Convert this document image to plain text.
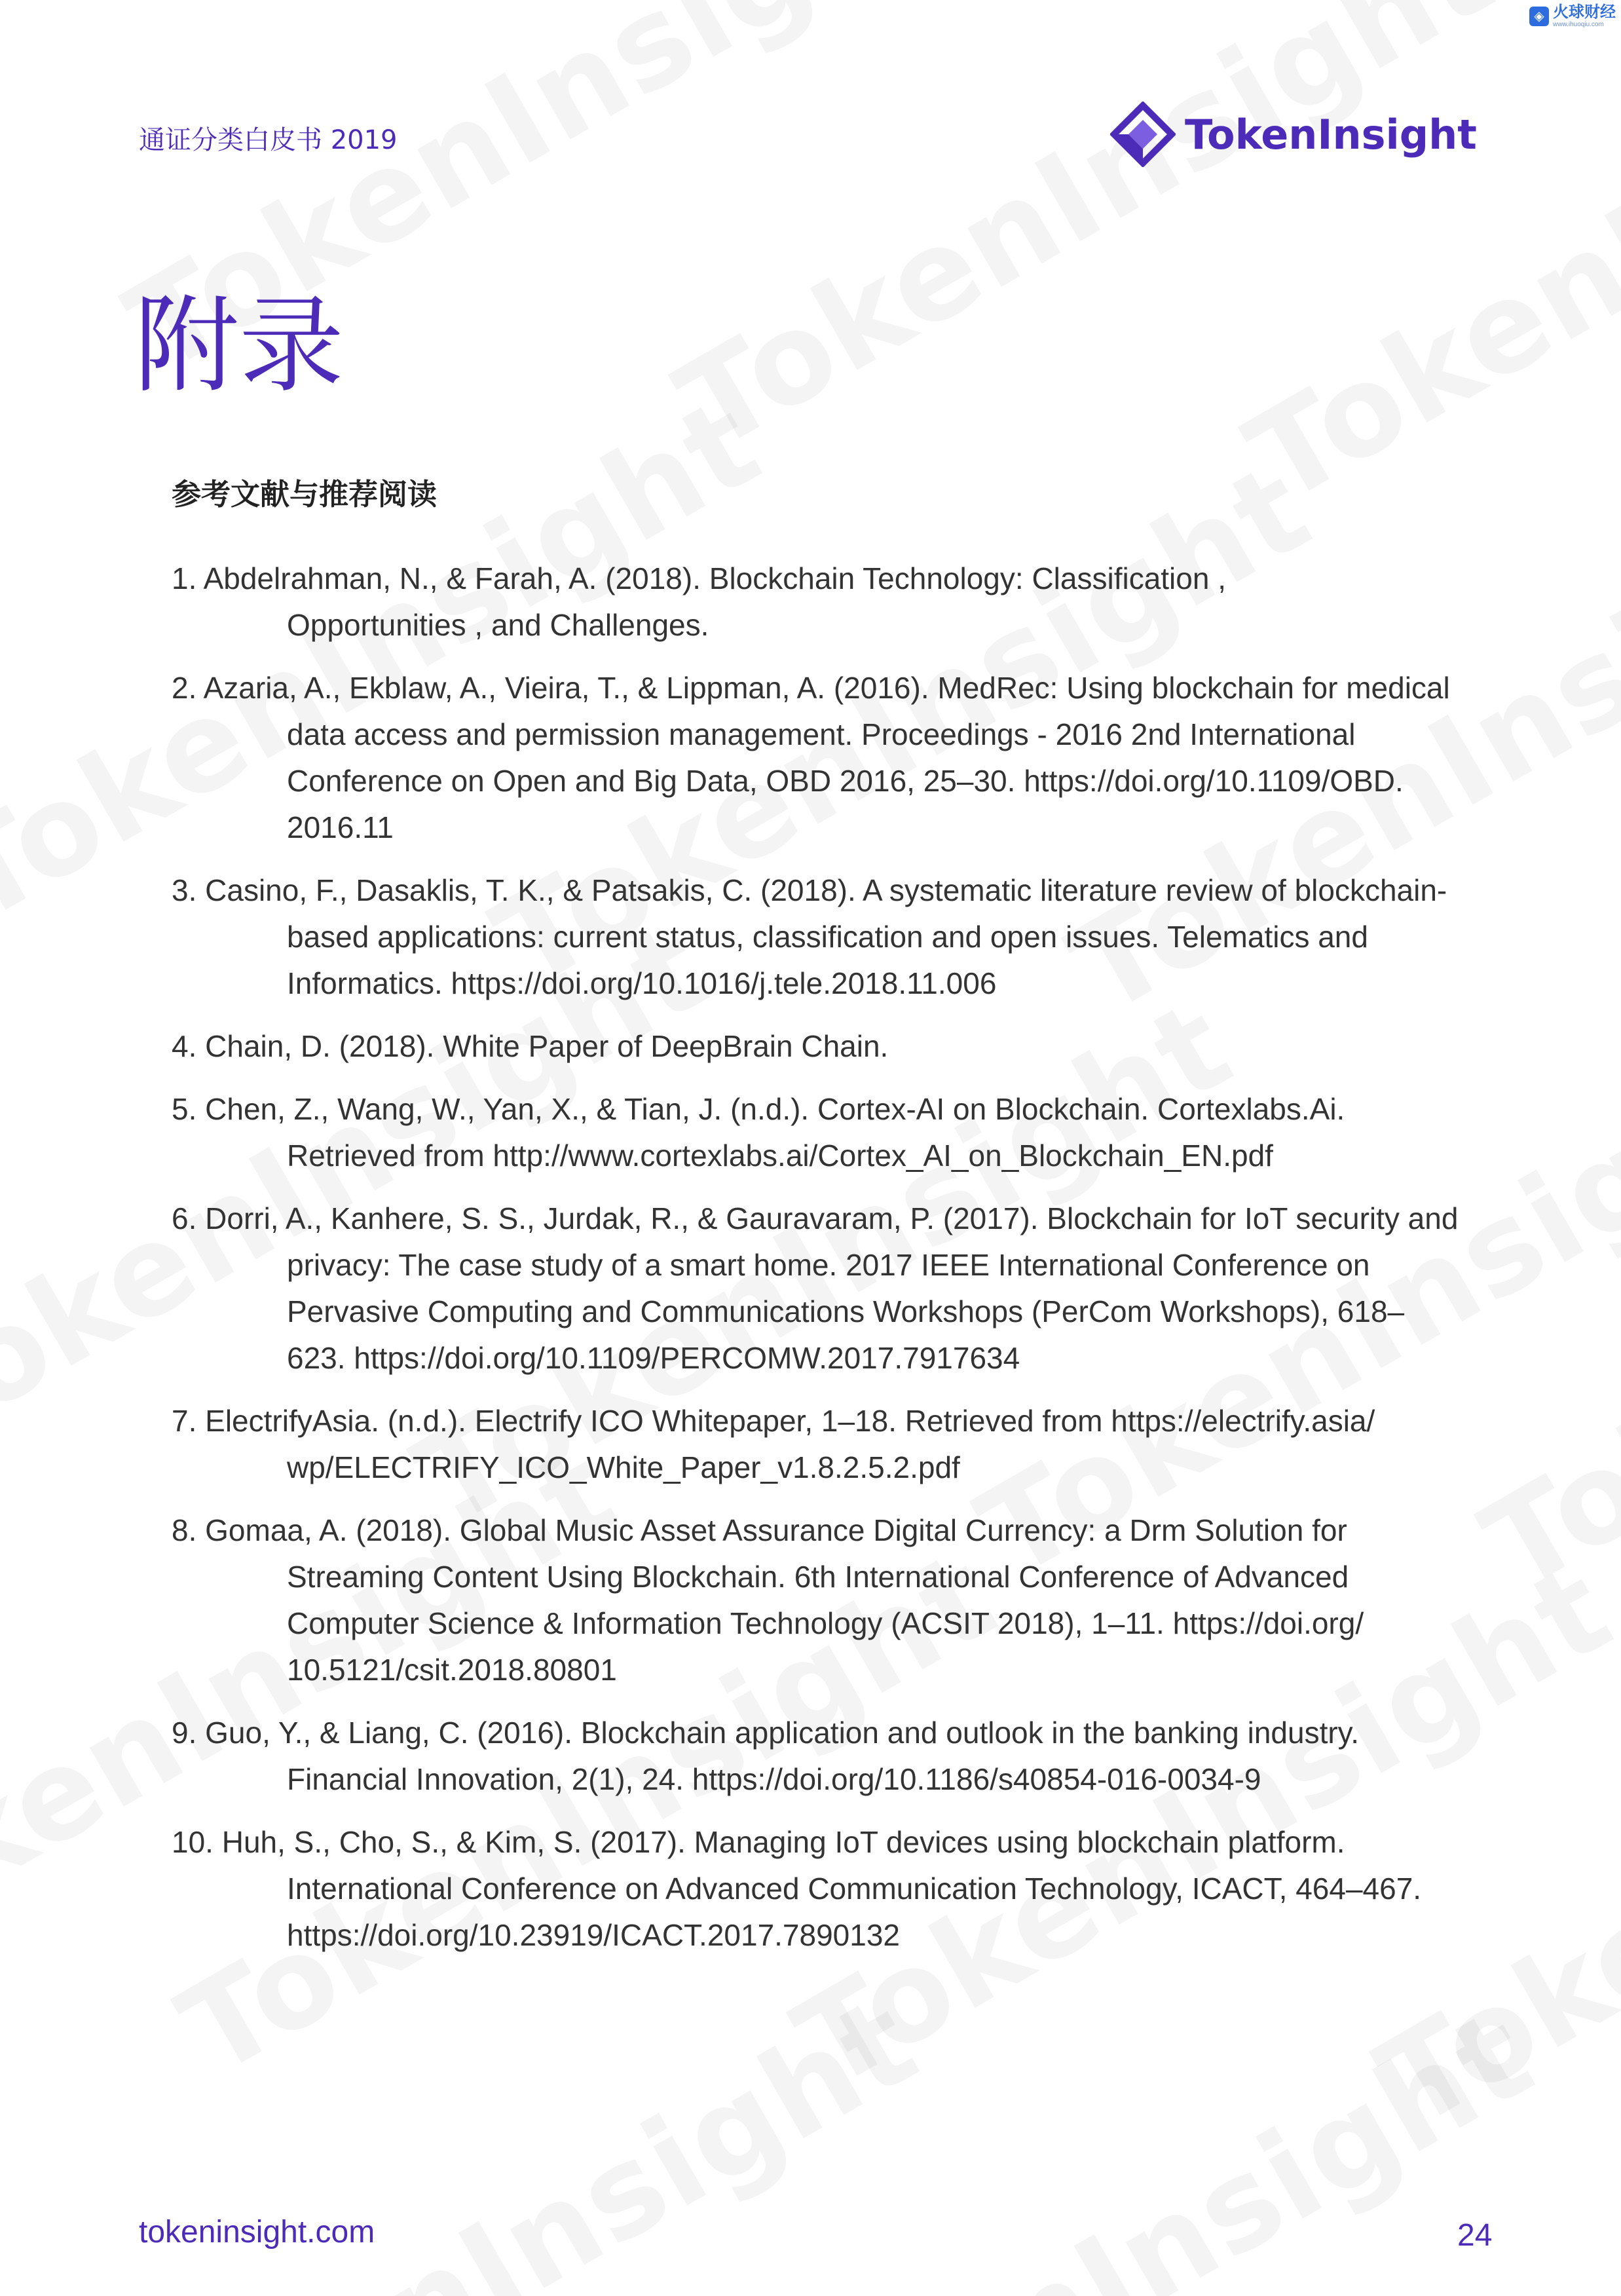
◈ 火球财经
www.ihuoqiu.com
通证分类白皮书 2019	TokenInsight
附录
参考文献与推荐阅读
1. Abdelrahman, N., & Farah, A. (2018). Blockchain Technology: Classification ,
Opportunities , and Challenges.
2. Azaria, A., Ekblaw, A., Vieira, T., & Lippman, A. (2016). MedRec: Using blockchain for medical
data access and permission management. Proceedings - 2016 2nd International
Conference on Open and Big Data, OBD 2016, 25–30. https://doi.org/10.1109/OBD.
2016.11
3. Casino, F., Dasaklis, T. K., & Patsakis, C. (2018). A systematic literature review of blockchain-
based applications: current status, classification and open issues. Telematics and
Informatics. https://doi.org/10.1016/j.tele.2018.11.006
4. Chain, D. (2018). White Paper of DeepBrain Chain.
5. Chen, Z., Wang, W., Yan, X., & Tian, J. (n.d.). Cortex-AI on Blockchain. Cortexlabs.Ai.
Retrieved from http://www.cortexlabs.ai/Cortex_AI_on_Blockchain_EN.pdf
6. Dorri, A., Kanhere, S. S., Jurdak, R., & Gauravaram, P. (2017). Blockchain for IoT security and
privacy: The case study of a smart home. 2017 IEEE International Conference on
Pervasive Computing and Communications Workshops (PerCom Workshops), 618–
623. https://doi.org/10.1109/PERCOMW.2017.7917634
7. ElectrifyAsia. (n.d.). Electrify ICO Whitepaper, 1–18. Retrieved from https://electrify.asia/
wp/ELECTRIFY_ICO_White_Paper_v1.8.2.5.2.pdf
8. Gomaa, A. (2018). Global Music Asset Assurance Digital Currency: a Drm Solution for
Streaming Content Using Blockchain. 6th International Conference of Advanced
Computer Science & Information Technology (ACSIT 2018), 1–11. https://doi.org/
10.5121/csit.2018.80801
9. Guo, Y., & Liang, C. (2016). Blockchain application and outlook in the banking industry.
Financial Innovation, 2(1), 24. https://doi.org/10.1186/s40854-016-0034-9
10. Huh, S., Cho, S., & Kim, S. (2017). Managing IoT devices using blockchain platform.
International Conference on Advanced Communication Technology, ICACT, 464–467.
https://doi.org/10.23919/ICACT.2017.7890132
tokeninsight.com	24
